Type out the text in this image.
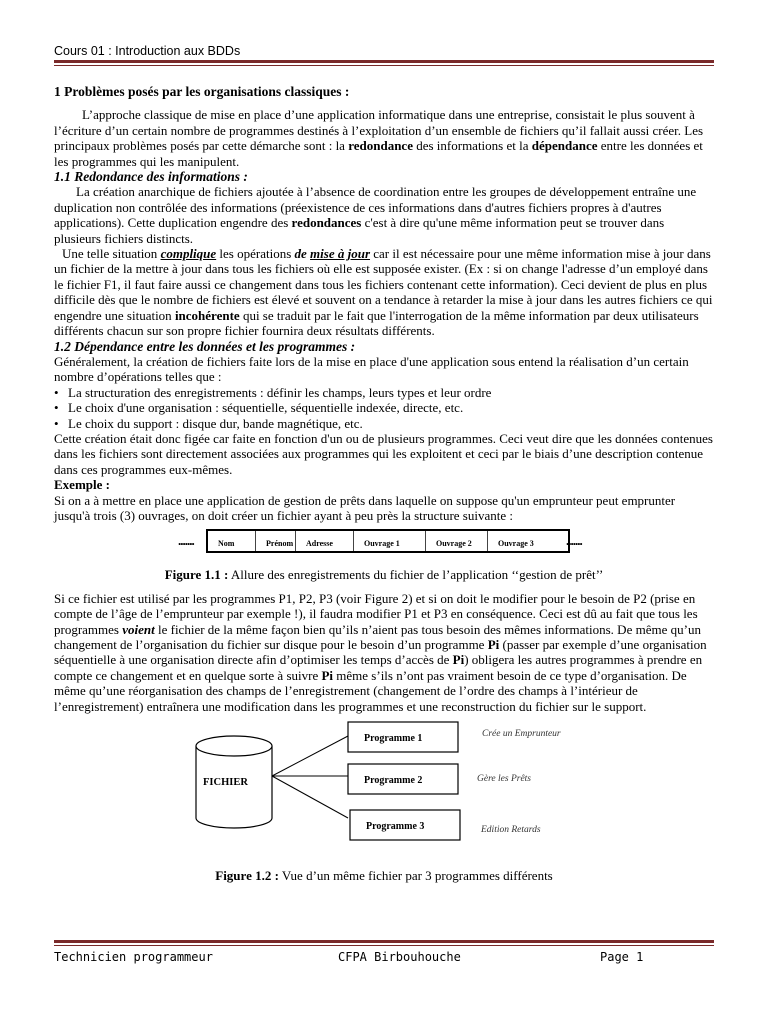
Cours 01 : Introduction aux BDDs
1 Problèmes posés par les organisations classiques :

L’approche classique de mise en place d’une application informatique dans une entreprise, consistait le plus souvent à l’écriture d’un certain nombre de programmes destinés à l’exploitation d’un ensemble de fichiers qu’il fallait aussi créer. Les principaux problèmes posés par cette démarche sont : la redondance des informations et la dépendance entre les données et les programmes qui les manipulent.

1.1 Redondance des informations :

La création anarchique de fichiers ajoutée à l’absence de coordination entre les groupes de développement entraîne une duplication non contrôlée des informations (préexistence de ces informations dans d'autres fichiers propres à d'autres applications). Cette duplication engendre des redondances c'est à dire qu'une même information peut se trouver dans plusieurs fichiers distincts.

Une telle situation complique les opérations de mise à jour car il est nécessaire pour une même information mise à jour dans un fichier de la mettre à jour dans tous les fichiers où elle est supposée exister. (Ex : si on change l'adresse d’un employé dans le fichier F1, il faut faire aussi ce changement dans tous les fichiers contenant cette information). Ceci devient de plus en plus difficile dès que le nombre de fichiers est élevé et souvent on a tendance à retarder la mise à jour dans les autres fichiers ce qui engendre une situation incohérente qui se traduit par le fait que l'interrogation de la même information par deux utilisateurs différents chacun sur son propre fichier fournira deux résultats différents.

1.2 Dépendance entre les données et les programmes :

Généralement, la création de fichiers faite lors de la mise en place d'une application sous entend la réalisation d’un certain nombre d’opérations telles que :

• La structuration des enregistrements : définir les champs, leurs types et leur ordre

• Le choix d'une organisation : séquentielle, séquentielle indexée, directe, etc.

• Le choix du support : disque dur, bande magnétique, etc.

Cette création était donc figée car faite en fonction d'un ou de plusieurs programmes. Ceci veut dire que les données contenues dans les fichiers sont directement associées aux programmes qui les exploitent et ceci par le biais d’une description contenue dans ces programmes eux-mêmes.

Exemple :

Si on a à mettre en place une application de gestion de prêts dans laquelle on suppose qu'un emprunteur peut emprunter jusqu'à trois (3) ouvrages, on doit créer un fichier ayant à peu près la structure suivante :

.......	Nom	Prénom	Adresse	Ouvrage 1	Ouvrage 2	Ouvrage 3	.......
Figure 1.1 : Allure des enregistrements du fichier de l’application ‘‘gestion de prêt’’

Si ce fichier est utilisé par les programmes P1, P2, P3 (voir Figure 2) et si on doit le modifier pour le besoin de P2 (prise en compte de l’âge de l’emprunteur par exemple !), il faudra modifier P1 et P3 en conséquence. Ceci est dû au fait que tous les programmes voient le fichier de la même façon bien qu’ils n’aient pas tous besoin des mêmes informations. De même qu’un changement de l’organisation du fichier sur disque pour le besoin d’un programme Pi (passer par exemple d’une organisation séquentielle à une organisation directe afin d’optimiser les temps d’accès de Pi) obligera les autres programmes à prendre en compte ce changement et en quelque sorte à suivre Pi même s’ils n’ont pas vraiment besoin de ce type d’organisation. De même qu’une réorganisation des champs de l’enregistrement (changement de l’ordre des champs à l’intérieur de l’enregistrement) entraînera une modification dans les programmes et une reconstruction du fichier sur le support.

FICHIER
Programme 1
Programme 2
Programme 3
Crée un Emprunteur
Gère les Prêts
Edition Retards
Figure 1.2 : Vue d’un même fichier par 3 programmes différents
Technicien programmeur	CFPA Birbouhouche	Page 1
